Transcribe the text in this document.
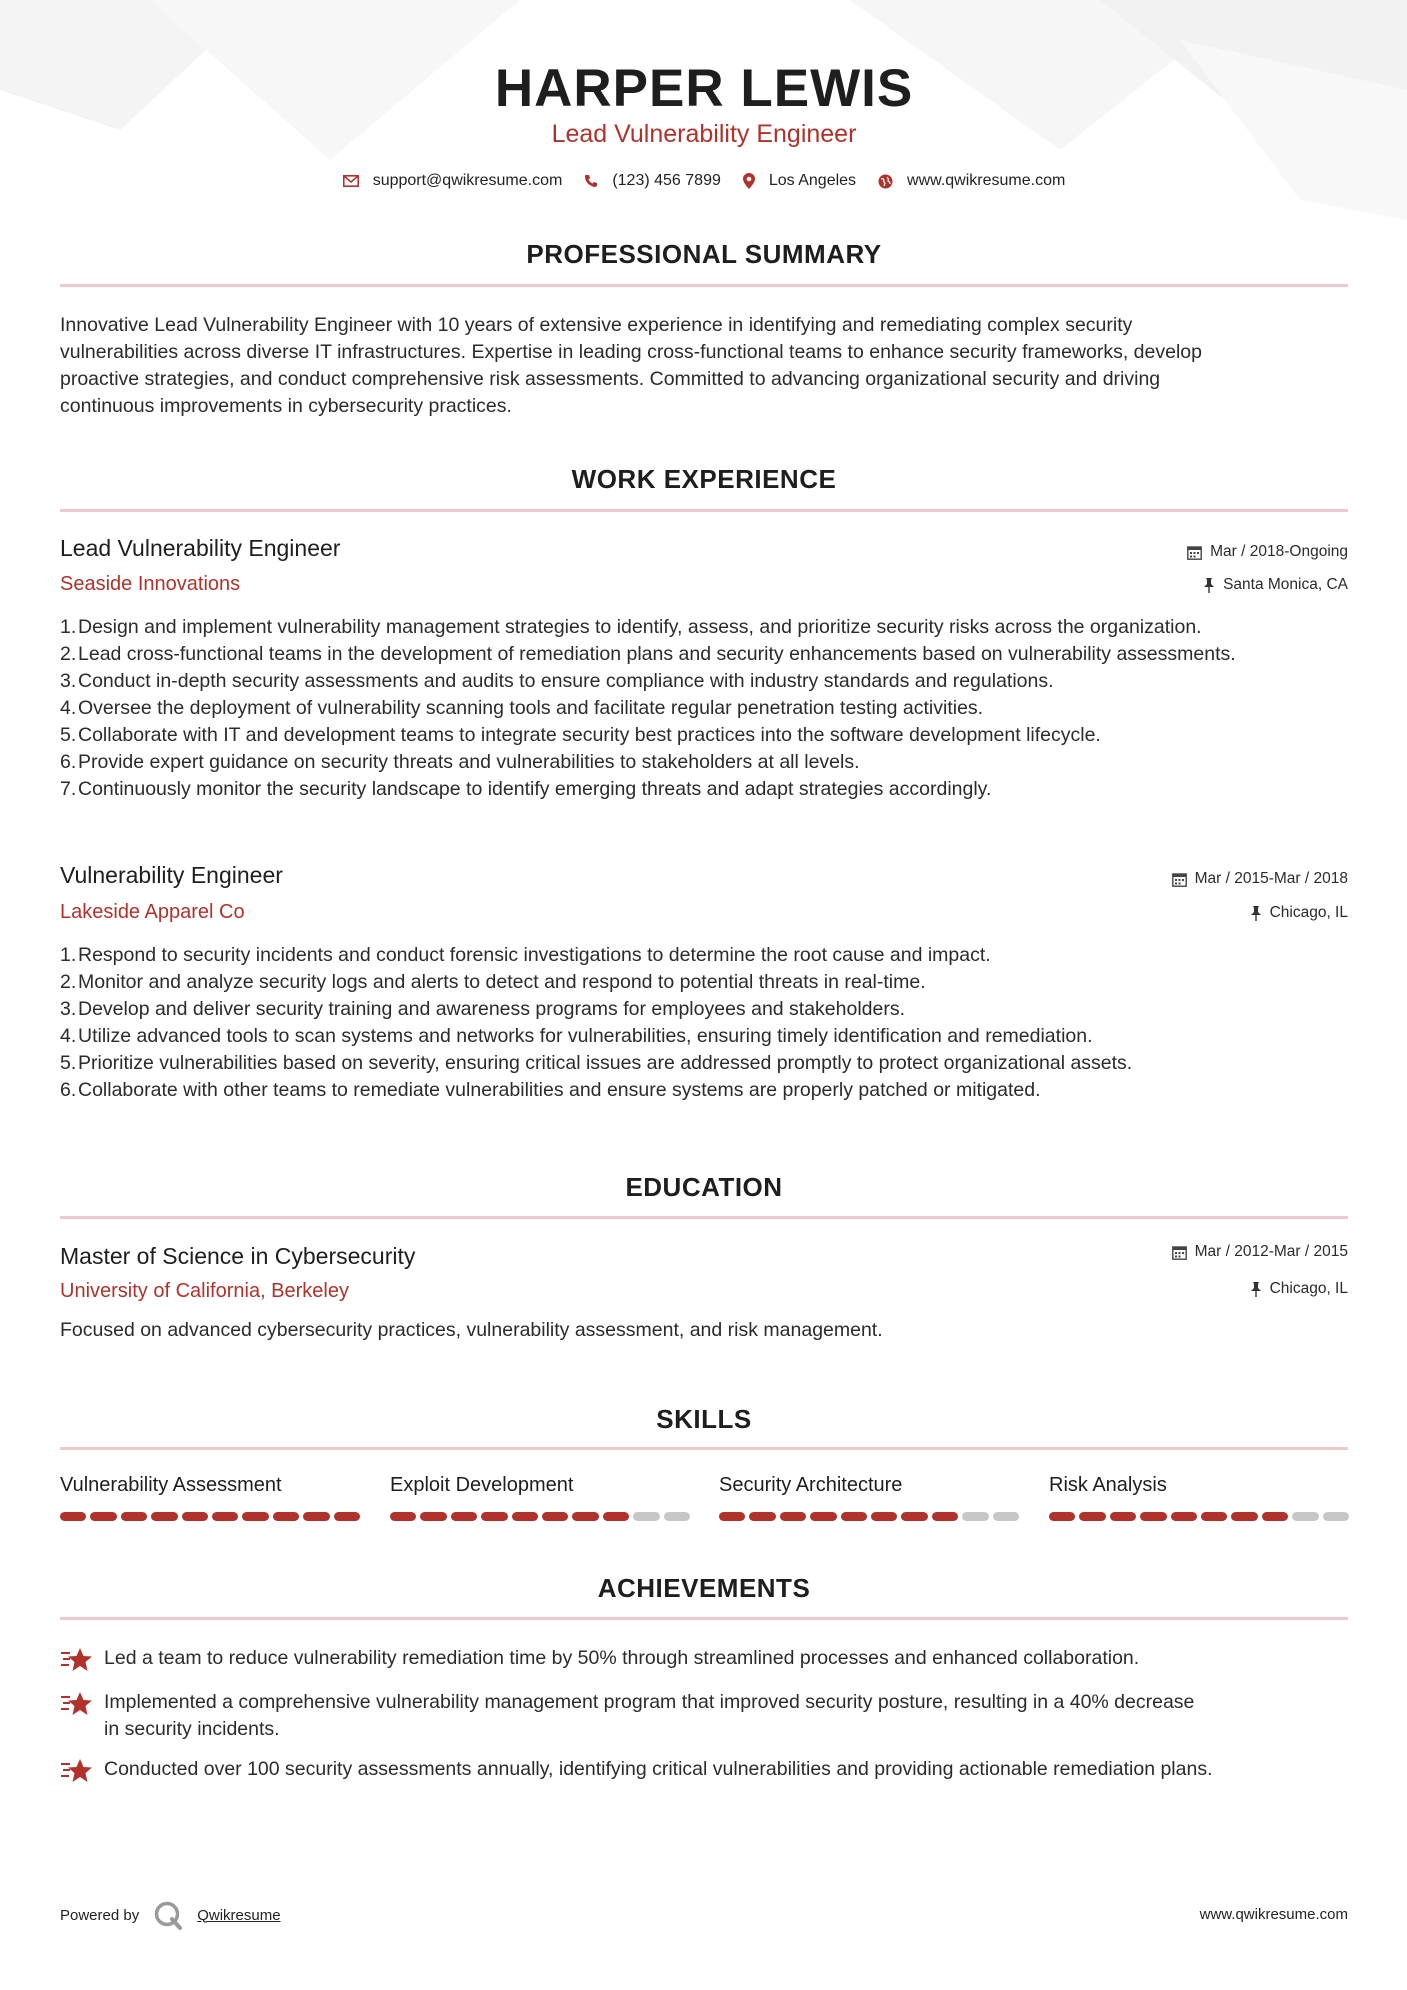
HARPER LEWIS
Lead Vulnerability Engineer
support@qwikresume.com	(123) 456 7899	Los Angeles	www.qwikresume.com
PROFESSIONAL SUMMARY
Innovative Lead Vulnerability Engineer with 10 years of extensive experience in identifying and remediating complex security
vulnerabilities across diverse IT infrastructures. Expertise in leading cross-functional teams to enhance security frameworks, develop
proactive strategies, and conduct comprehensive risk assessments. Committed to advancing organizational security and driving
continuous improvements in cybersecurity practices.
WORK EXPERIENCE
Lead Vulnerability Engineer	Mar / 2018-Ongoing
Seaside Innovations	Santa Monica, CA
1. Design and implement vulnerability management strategies to identify, assess, and prioritize security risks across the organization.
2. Lead cross-functional teams in the development of remediation plans and security enhancements based on vulnerability assessments.
3. Conduct in-depth security assessments and audits to ensure compliance with industry standards and regulations.
4. Oversee the deployment of vulnerability scanning tools and facilitate regular penetration testing activities.
5. Collaborate with IT and development teams to integrate security best practices into the software development lifecycle.
6. Provide expert guidance on security threats and vulnerabilities to stakeholders at all levels.
7. Continuously monitor the security landscape to identify emerging threats and adapt strategies accordingly.
Vulnerability Engineer	Mar / 2015-Mar / 2018
Lakeside Apparel Co	Chicago, IL
1. Respond to security incidents and conduct forensic investigations to determine the root cause and impact.
2. Monitor and analyze security logs and alerts to detect and respond to potential threats in real-time.
3. Develop and deliver security training and awareness programs for employees and stakeholders.
4. Utilize advanced tools to scan systems and networks for vulnerabilities, ensuring timely identification and remediation.
5. Prioritize vulnerabilities based on severity, ensuring critical issues are addressed promptly to protect organizational assets.
6. Collaborate with other teams to remediate vulnerabilities and ensure systems are properly patched or mitigated.
EDUCATION
Master of Science in Cybersecurity	Mar / 2012-Mar / 2015
University of California, Berkeley	Chicago, IL
Focused on advanced cybersecurity practices, vulnerability assessment, and risk management.
SKILLS
Vulnerability Assessment	Exploit Development	Security Architecture	Risk Analysis
ACHIEVEMENTS
Led a team to reduce vulnerability remediation time by 50% through streamlined processes and enhanced collaboration.
Implemented a comprehensive vulnerability management program that improved security posture, resulting in a 40% decrease
in security incidents.
Conducted over 100 security assessments annually, identifying critical vulnerabilities and providing actionable remediation plans.
Powered by	Qwikresume	www.qwikresume.com
